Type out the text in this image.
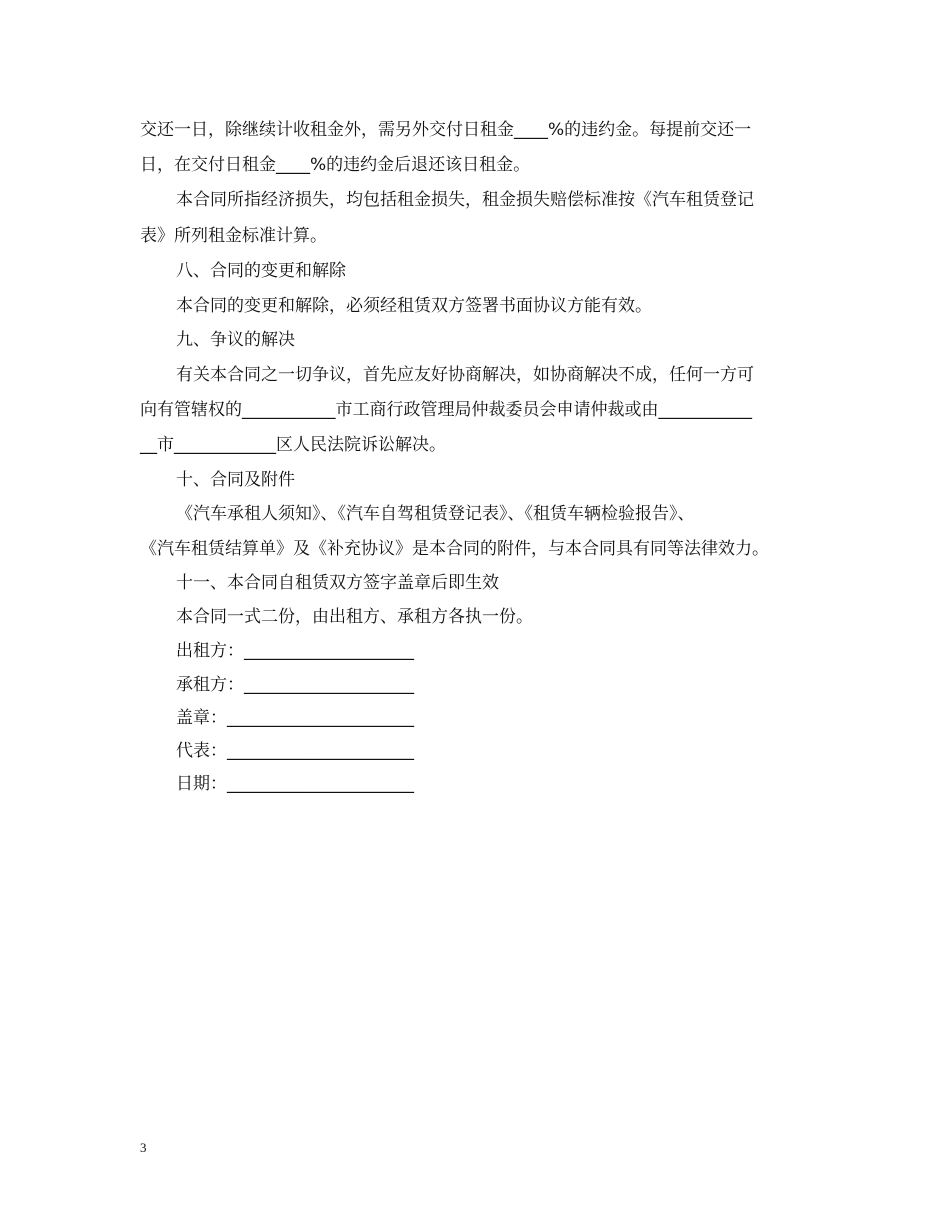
交还一日，除继续计收租金外，需另外交付日租金____%的违约金。每提前交还一
日，在交付日租金____%的违约金后退还该日租金。
本合同所指经济损失，均包括租金损失，租金损失赔偿标准按《汽车租赁登记
表》所列租金标准计算。
八、合同的变更和解除
本合同的变更和解除，必须经租赁双方签署书面协议方能有效。
九、争议的解决
有关本合同之一切争议，首先应友好协商解决，如协商解决不成，任何一方可
向有管辖权的___________市工商行政管理局仲裁委员会申请仲裁或由___________
__市____________区人民法院诉讼解决。
十、合同及附件
《汽车承租人须知》、《汽车自驾租赁登记表》、《租赁车辆检验报告》、
《汽车租赁结算单》及《补充协议》是本合同的附件，与本合同具有同等法律效力。
十一、本合同自租赁双方签字盖章后即生效
本合同一式二份，由出租方、承租方各执一份。
出租方：____________________
承租方：____________________
盖章：______________________
代表：______________________
日期：______________________
3
